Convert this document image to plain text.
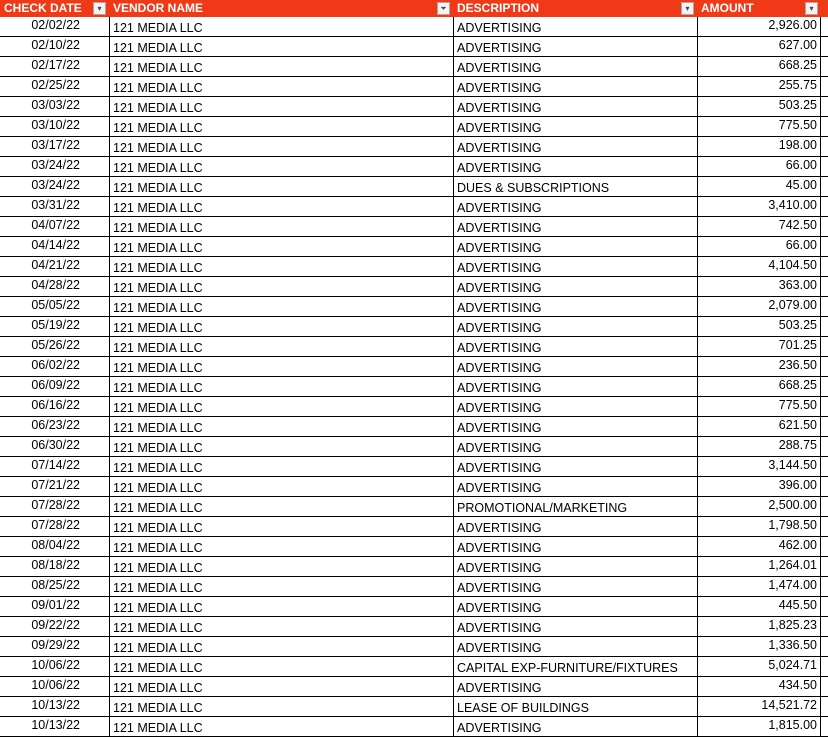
CHECK DATE	▾ VENDOR NAME	⏷ DESCRIPTION	▾ AMOUNT	▾
02/02/22	121 MEDIA LLC	ADVERTISING	2,926.00
02/10/22	121 MEDIA LLC	ADVERTISING	627.00
02/17/22	121 MEDIA LLC	ADVERTISING	668.25
02/25/22	121 MEDIA LLC	ADVERTISING	255.75
03/03/22	121 MEDIA LLC	ADVERTISING	503.25
03/10/22	121 MEDIA LLC	ADVERTISING	775.50
03/17/22	121 MEDIA LLC	ADVERTISING	198.00
03/24/22	121 MEDIA LLC	ADVERTISING	66.00
03/24/22	121 MEDIA LLC	DUES & SUBSCRIPTIONS	45.00
03/31/22	121 MEDIA LLC	ADVERTISING	3,410.00
04/07/22	121 MEDIA LLC	ADVERTISING	742.50
04/14/22	121 MEDIA LLC	ADVERTISING	66.00
04/21/22	121 MEDIA LLC	ADVERTISING	4,104.50
04/28/22	121 MEDIA LLC	ADVERTISING	363.00
05/05/22	121 MEDIA LLC	ADVERTISING	2,079.00
05/19/22	121 MEDIA LLC	ADVERTISING	503.25
05/26/22	121 MEDIA LLC	ADVERTISING	701.25
06/02/22	121 MEDIA LLC	ADVERTISING	236.50
06/09/22	121 MEDIA LLC	ADVERTISING	668.25
06/16/22	121 MEDIA LLC	ADVERTISING	775.50
06/23/22	121 MEDIA LLC	ADVERTISING	621.50
06/30/22	121 MEDIA LLC	ADVERTISING	288.75
07/14/22	121 MEDIA LLC	ADVERTISING	3,144.50
07/21/22	121 MEDIA LLC	ADVERTISING	396.00
07/28/22	121 MEDIA LLC	PROMOTIONAL/MARKETING	2,500.00
07/28/22	121 MEDIA LLC	ADVERTISING	1,798.50
08/04/22	121 MEDIA LLC	ADVERTISING	462.00
08/18/22	121 MEDIA LLC	ADVERTISING	1,264.01
08/25/22	121 MEDIA LLC	ADVERTISING	1,474.00
09/01/22	121 MEDIA LLC	ADVERTISING	445.50
09/22/22	121 MEDIA LLC	ADVERTISING	1,825.23
09/29/22	121 MEDIA LLC	ADVERTISING	1,336.50
10/06/22	121 MEDIA LLC	CAPITAL EXP-FURNITURE/FIXTURES	5,024.71
10/06/22	121 MEDIA LLC	ADVERTISING	434.50
10/13/22	121 MEDIA LLC	LEASE OF BUILDINGS	14,521.72
10/13/22	121 MEDIA LLC	ADVERTISING	1,815.00
